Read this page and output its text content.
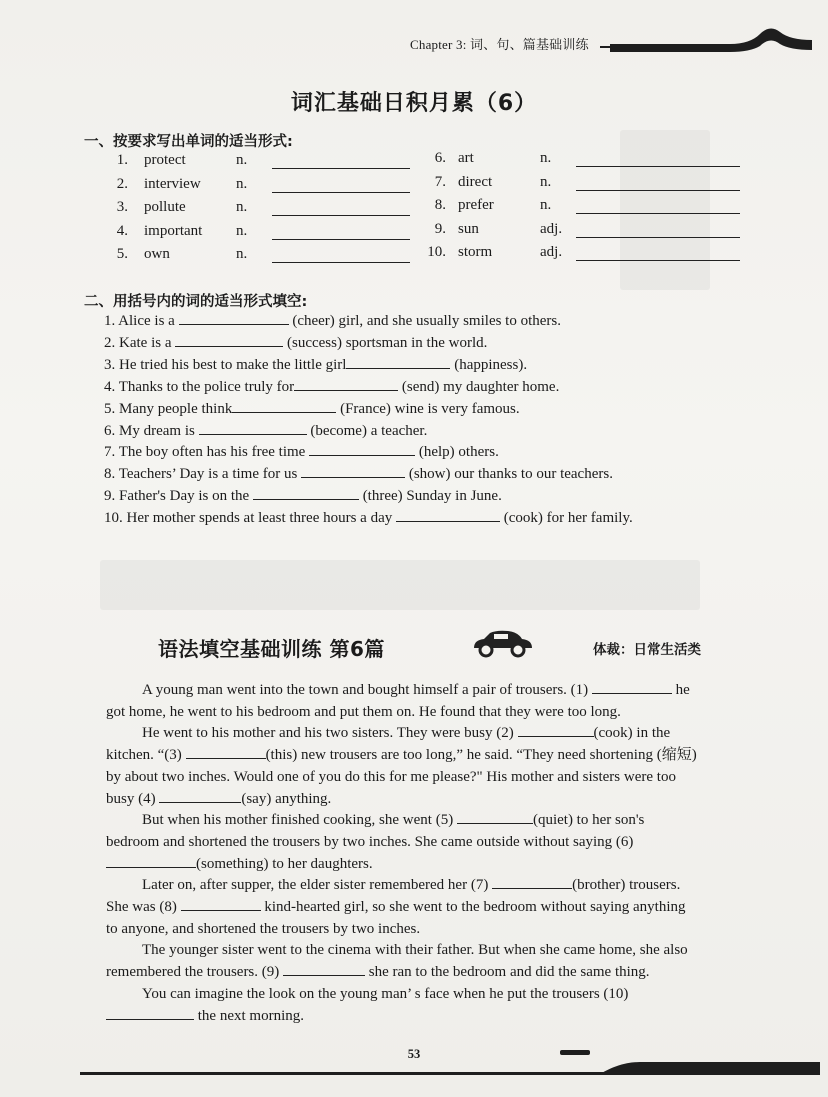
Chapter 3: 词、句、篇基础训练
词汇基础日积月累（6）
一、按要求写出单词的适当形式:
1. protect	n.
2. interview n.
3. pollute	n.
4. important n.
5. own	n.
6. art	n.
7. direct	n.
8. prefer	n.
9. sun	adj.
10. storm	adj.
二、用括号内的词的适当形式填空:
1. Alice is a	(cheer) girl, and she usually smiles to others.
2. Kate is a	(success) sportsman in the world.
3. He tried his best to make the little girl	(happiness).
4. Thanks to the police truly for	(send) my daughter home.
5. Many people think	(France) wine is very famous.
6. My dream is	(become) a teacher.
7. The boy often has his free time	(help) others.
8. Teachers’ Day is a time for us	(show) our thanks to our teachers.
9. Father's Day is on the	(three) Sunday in June.
10. Her mother spends at least three hours a day	(cook) for her family.
语法填空基础训练 第6篇	体裁：日常生活类
A young man went into the town and bought himself a pair of trousers. (1)	he
got home, he went to his bedroom and put them on. He found that they were too long.
He went to his mother and his two sisters. They were busy (2)	(cook) in the
kitchen. “(3)	(this) new trousers are too long,” he said. “They need shortening (缩短)
by about two inches. Would one of you do this for me please?" His mother and sisters were too
busy (4)	(say) anything.
But when his mother finished cooking, she went (5)	(quiet) to her son's
bedroom and shortened the trousers by two inches. She came outside without saying (6)
(something) to her daughters.
Later on, after supper, the elder sister remembered her (7)	(brother) trousers.
She was (8)	kind-hearted girl, so she went to the bedroom without saying anything
to anyone, and shortened the trousers by two inches.
The younger sister went to the cinema with their father. But when she came home, she also
remembered the trousers. (9)	she ran to the bedroom and did the same thing.
You can imagine the look on the young man’ s face when he put the trousers (10)
the next morning.
53
